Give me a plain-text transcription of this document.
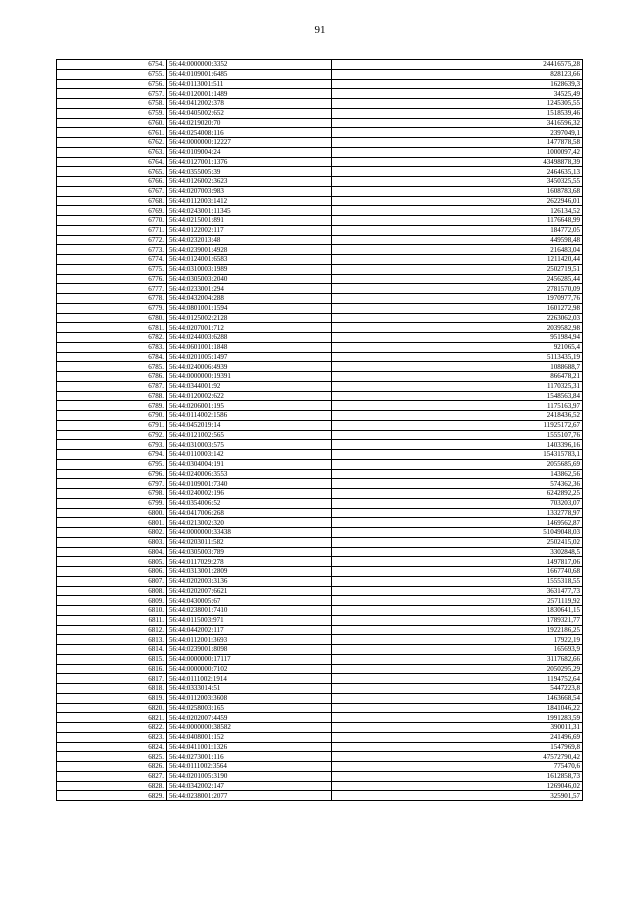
91
6754.	56:44:0000000:3352	24416575,28
6755.	56:44:0109001:6485	828123,66
6756.	56:44:0113001:511	1628639,3
6757.	56:44:0120001:1489	34525,49
6758.	56:44:0412002:378	1245305,55
6759.	56:44:0405002:652	1518539,46
6760.	56:44:0219020:70	3416596,32
6761.	56:44:0254008:116	2397049,1
6762.	56:44:0000000:12227	1477878,58
6763.	56:44:0109004:24	1000097,42
6764.	56:44:0127001:1376	43498878,39
6765.	56:44:0355005:39	2464635,13
6766.	56:44:0126002:3623	3450325,55
6767.	56:44:0207003:983	1608783,68
6768.	56:44:0112003:1412	2622946,01
6769.	56:44:0243001:11345	126134,52
6770.	56:44:0215001:891	1176648,99
6771.	56:44:0122002:117	184772,05
6772.	56:44:0232013:48	449598,48
6773.	56:44:0239001:4928	216483,04
6774.	56:44:0124001:6583	1211420,44
6775.	56:44:0310003:1989	2502719,51
6776.	56:44:0305003:2040	2456285,44
6777.	56:44:0233001:294	2781570,09
6778.	56:44:0432004:288	1970977,76
6779.	56:44:0801001:1594	1601272,98
6780.	56:44:0125002:2128	2263062,03
6781.	56:44:0207001:712	2039582,98
6782.	56:44:0244003:6288	951984,94
6783.	56:44:0601001:1848	921065,4
6784.	56:44:0201005:1497	5113435,19
6785.	56:44:0240006:4939	1088688,7
6786.	56:44:0000000:19391	866478,21
6787.	56:44:0344001:92	1170325,31
6788.	56:44:0120002:622	1548563,84
6789.	56:44:0206001:195	1175163,97
6790.	56:44:0114002:1586	2418436,52
6791.	56:44:0452019:14	11925172,67
6792.	56:44:0121002:565	1555107,76
6793.	56:44:0310003:575	1403396,16
6794.	56:44:0110003:142	154315783,1
6795.	56:44:0304004:191	2055685,69
6796.	56:44:0240006:3553	143862,56
6797.	56:44:0109001:7340	574362,36
6798.	56:44:0240002:196	6242892,25
6799.	56:44:0354006:52	703203,07
6800.	56:44:0417006:268	1332778,97
6801.	56:44:0213002:320	1469562,87
6802.	56:44:0000000:33438	51049048,03
6803.	56:44:0203011:582	2502415,02
6804.	56:44:0305003:789	3302848,5
6805.	56:44:0117029:278	1497817,06
6806.	56:44:0313001:2809	1667740,68
6807.	56:44:0202003:3136	1555318,55
6808.	56:44:0202007:6621	3631477,73
6809.	56:44:0430005:67	2571119,92
6810.	56:44:0238001:7410	1830641,15
6811.	56:44:0115003:971	1789321,77
6812.	56:44:0442002:117	1922186,25
6813.	56:44:0112001:3693	17922,19
6814.	56:44:0239001:8098	165693,9
6815.	56:44:0000000:17117	3117682,66
6816.	56:44:0000000:7102	2050295,29
6817.	56:44:0111002:1914	1194752,64
6818.	56:44:0333014:51	5447223,8
6819.	56:44:0112003:3608	1463668,54
6820.	56:44:0258003:165	1841046,22
6821.	56:44:0202007:4459	1991283,59
6822.	56:44:0000000:38582	390011,31
6823.	56:44:0408001:152	241496,69
6824.	56:44:0411001:1326	1547969,8
6825.	56:44:0273001:116	47572790,42
6826.	56:44:0111002:3564	775470,6
6827.	56:44:0201005:3190	1612858,73
6828.	56:44:0342002:147	1269046,02
6829.	56:44:0238001:2077	325901,57
